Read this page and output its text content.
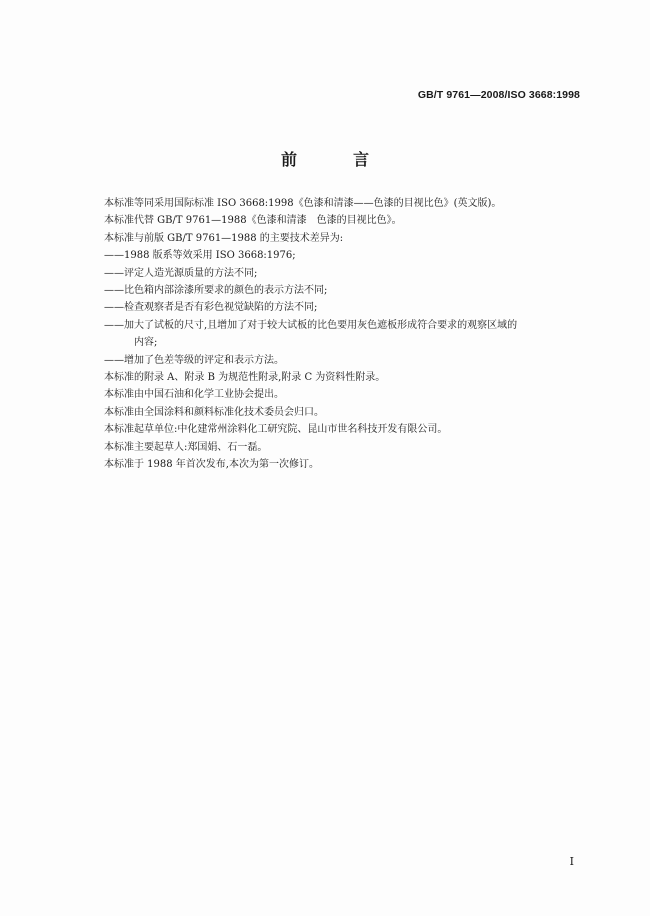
GB/T 9761—2008/ISO 3668:1998
前　言

本标准等同采用国际标准 ISO 3668:1998《色漆和清漆——色漆的目视比色》(英文版)。

本标准代替 GB/T 9761—1988《色漆和清漆　色漆的目视比色》。

本标准与前版 GB/T 9761—1988 的主要技术差异为:

——1988 版系等效采用 ISO 3668:1976;

——评定人造光源质量的方法不同;

——比色箱内部涂漆所要求的颜色的表示方法不同;

——检查观察者是否有彩色视觉缺陷的方法不同;

——加大了试板的尺寸,且增加了对于较大试板的比色要用灰色遮板形成符合要求的观察区域的

内容;

——增加了色差等级的评定和表示方法。

本标准的附录 A、附录 B 为规范性附录,附录 C 为资料性附录。

本标准由中国石油和化学工业协会提出。

本标准由全国涂料和颜料标准化技术委员会归口。

本标准起草单位:中化建常州涂料化工研究院、昆山市世名科技开发有限公司。

本标准主要起草人:郑国娟、石一磊。

本标准于 1988 年首次发布,本次为第一次修订。

I
